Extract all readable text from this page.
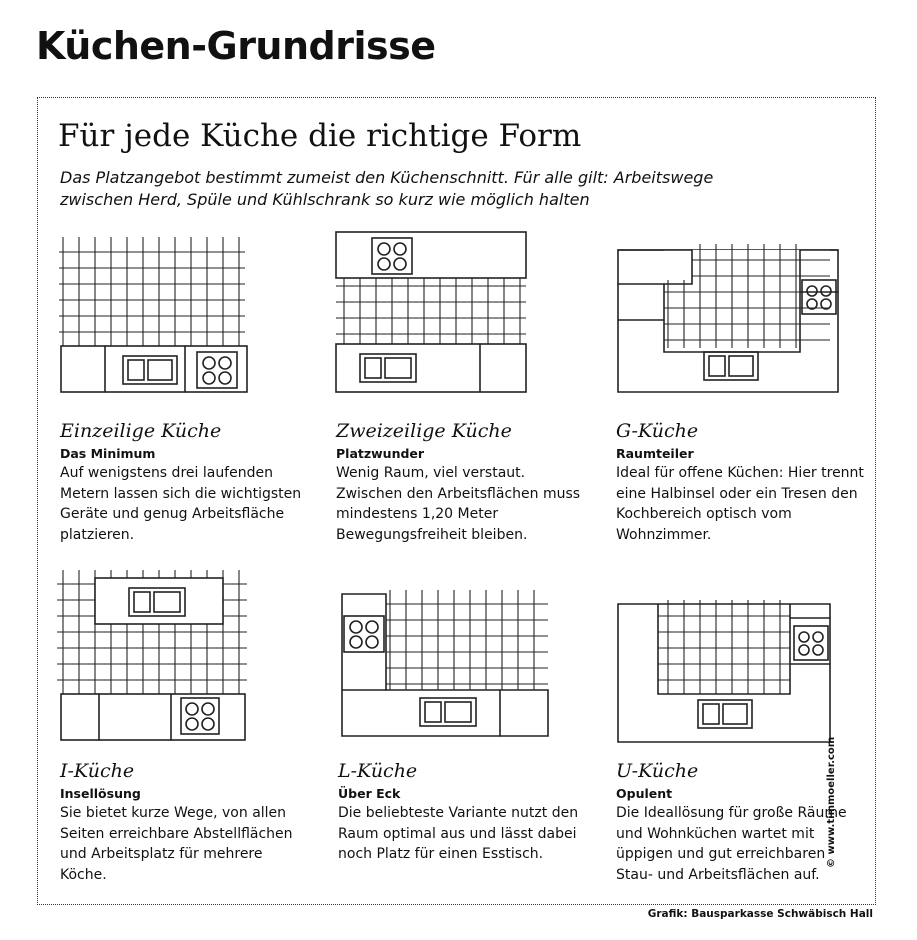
Küchen-Grundrisse
Für jede Küche die richtige Form
Das Platzangebot bestimmt zumeist den Küchenschnitt. Für alle gilt: Arbeitswege zwischen Herd, Spüle und Kühlschrank so kurz wie möglich halten
Einzeilige Küche
Das Minimum
Auf wenigstens drei laufenden Metern lassen sich die wichtigsten Geräte und genug Arbeitsfläche platzieren.
Zweizeilige Küche
Platzwunder
Wenig Raum, viel verstaut. Zwischen den Arbeitsflächen muss mindestens 1,20 Meter Bewegungsfreiheit bleiben.
G-Küche
Raumteiler
Ideal für offene Küchen: Hier trennt eine Halbinsel oder ein Tresen den Kochbereich optisch vom Wohnzimmer.
I-Küche
Insellösung
Sie bietet kurze Wege, von allen Seiten erreichbare Abstellflächen und Arbeitsplatz für mehrere Köche.
L-Küche
Über Eck
Die beliebteste Variante nutzt den Raum optimal aus und lässt dabei noch Platz für einen Esstisch.
U-Küche
Opulent
Die Ideallösung für große Räume und Wohnküchen wartet mit üppigen und gut erreichbaren Stau- und Arbeitsflächen auf.
Grafik: Bausparkasse Schwäbisch Hall
© www.timmoeller.com
